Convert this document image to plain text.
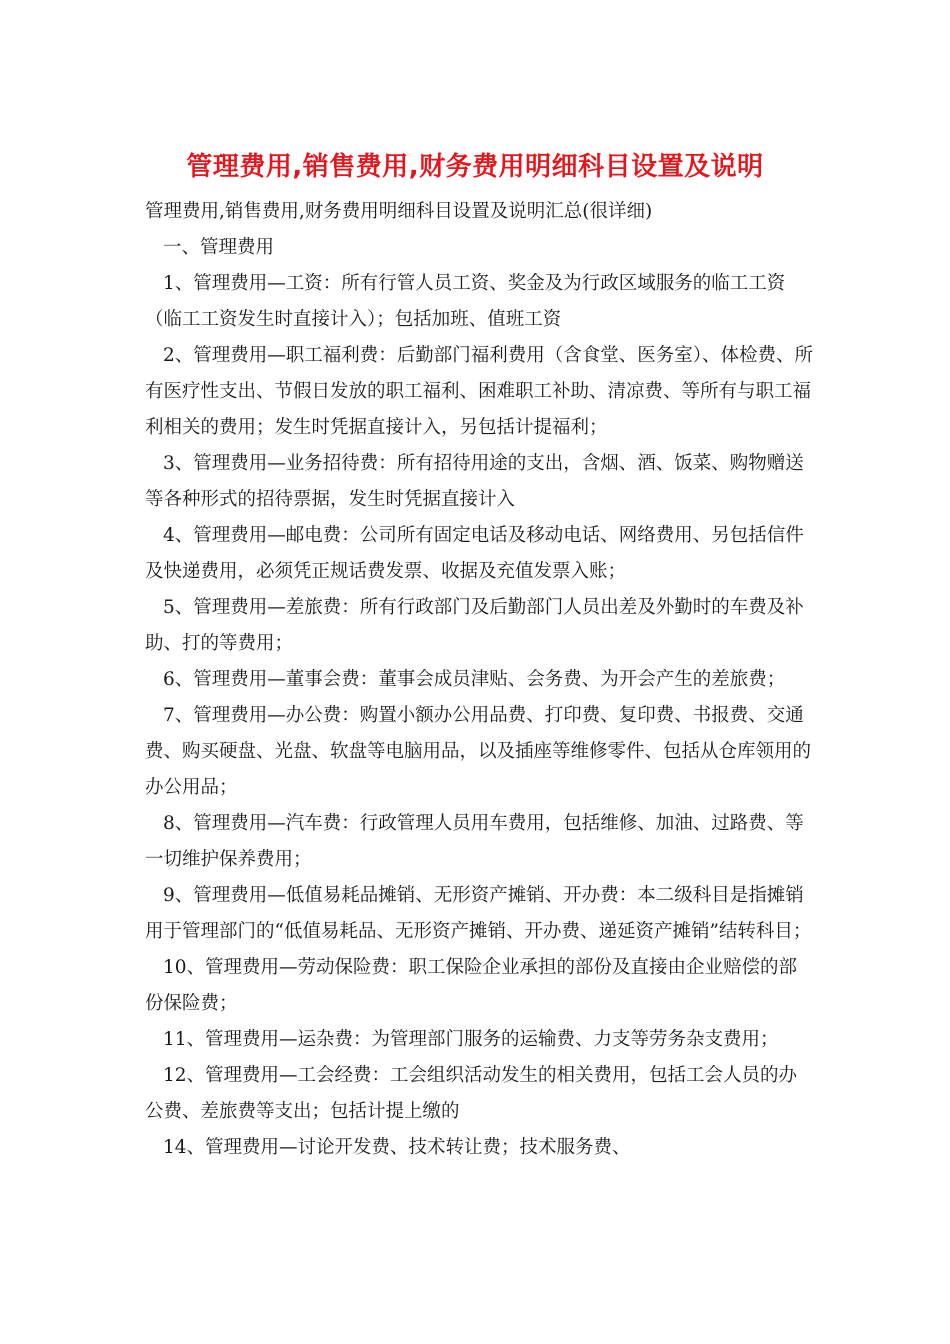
管理费用,销售费用,财务费用明细科目设置及说明

管理费用,销售费用,财务费用明细科目设置及说明汇总(很详细)

一、管理费用

1、管理费用—工资：所有行管人员工资、奖金及为行政区域服务的临工工资（临工工资发生时直接计入）；包括加班、值班工资

2、管理费用—职工福利费：后勤部门福利费用（含食堂、医务室）、体检费、所有医疗性支出、节假日发放的职工福利、困难职工补助、清凉费、等所有与职工福利相关的费用；发生时凭据直接计入，另包括计提福利；

3、管理费用—业务招待费：所有招待用途的支出，含烟、酒、饭菜、购物赠送等各种形式的招待票据，发生时凭据直接计入

4、管理费用—邮电费：公司所有固定电话及移动电话、网络费用、另包括信件及快递费用，必须凭正规话费发票、收据及充值发票入账；

5、管理费用—差旅费：所有行政部门及后勤部门人员出差及外勤时的车费及补助、打的等费用；

6、管理费用—董事会费：董事会成员津贴、会务费、为开会产生的差旅费；

7、管理费用—办公费：购置小额办公用品费、打印费、复印费、书报费、交通费、购买硬盘、光盘、软盘等电脑用品，以及插座等维修零件、包括从仓库领用的办公用品；

8、管理费用—汽车费：行政管理人员用车费用，包括维修、加油、过路费、等一切维护保养费用；

9、管理费用—低值易耗品摊销、无形资产摊销、开办费：本二级科目是指摊销用于管理部门的“低值易耗品、无形资产摊销、开办费、递延资产摊销”结转科目；

10、管理费用—劳动保险费：职工保险企业承担的部份及直接由企业赔偿的部份保险费；

11、管理费用—运杂费：为管理部门服务的运输费、力支等劳务杂支费用；

12、管理费用—工会经费：工会组织活动发生的相关费用，包括工会人员的办公费、差旅费等支出；包括计提上缴的

14、管理费用—讨论开发费、技术转让费；技术服务费、
